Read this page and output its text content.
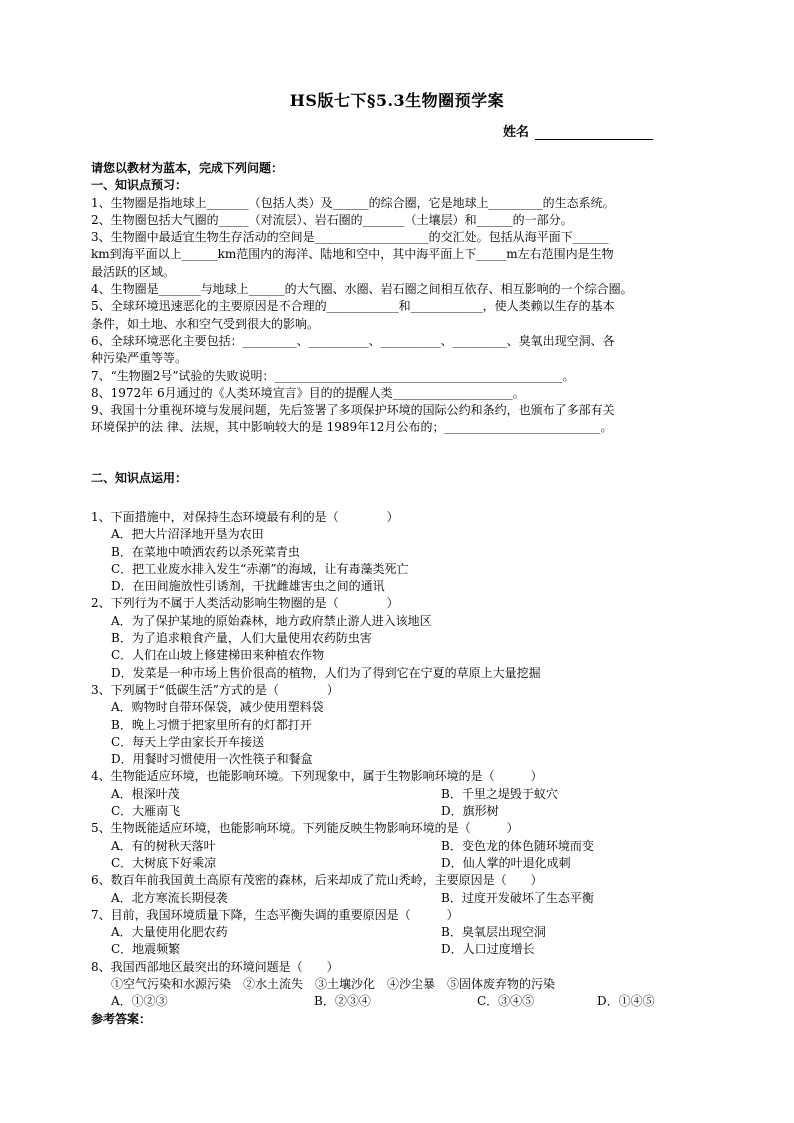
HS版七下§5.3生物圈预学案
姓名
请您以教材为蓝本，完成下列问题：
一、知识点预习：
1、生物圈是指地球上_______（包括人类）及______的综合圈，它是地球上_________的生态系统。
2、生物圈包括大气圈的_____（对流层）、岩石圈的_______（土壤层）和______的一部分。
3、生物圈中最适宜生物生存活动的空间是___________________的交汇处。包括从海平面下______
km到海平面以上______km范围内的海洋、陆地和空中，其中海平面上下_____m左右范围内是生物
最活跃的区域。
4、生物圈是_______与地球上______的大气圈、水圈、岩石圈之间相互依存、相互影响的一个综合圈。
5、全球环境迅速恶化的主要原因是不合理的____________和____________，使人类赖以生存的基本
条件，如土地、水和空气受到很大的影响。
6、全球环境恶化主要包括：_________、__________、__________、_________、臭氧出现空洞、各
种污染严重等等。
7、“生物圈2号”试验的失败说明：________________________________________________。
8、1972年 6月通过的《人类环境宣言》目的的提醒人类____________________。
9、我国十分重视环境与发展问题，先后签署了多项保护环境的国际公约和条约，也颁布了多部有关
环境保护的法 律、法规，其中影响较大的是 1989年12月公布的；__________________________。
二、知识点运用：
1、下面措施中，对保持生态环境最有利的是（　　　　）
A．把大片沼泽地开垦为农田
B．在菜地中喷洒农药以杀死菜青虫
C．把工业废水排入发生“赤潮”的海域，让有毒藻类死亡
D．在田间施放性引诱剂，干扰雌雄害虫之间的通讯
2、下列行为不属于人类活动影响生物圈的是（　　　　）
A．为了保护某地的原始森林，地方政府禁止游人进入该地区
B．为了追求粮食产量，人们大量使用农药防虫害
C．人们在山坡上修建梯田来种植农作物
D．发菜是一种市场上售价很高的植物，人们为了得到它在宁夏的草原上大量挖掘
3、下列属于“低碳生活”方式的是（　　　　）
A．购物时自带环保袋，减少使用塑料袋
B．晚上习惯于把家里所有的灯都打开
C．每天上学由家长开车接送
D．用餐时习惯使用一次性筷子和餐盒
4、生物能适应环境，也能影响环境。下列现象中，属于生物影响环境的是（　　　）
A．根深叶茂	B．千里之堤毁于蚁穴
C．大雁南飞	D．旗形树
5、生物既能适应环境，也能影响环境。下列能反映生物影响环境的是（　　　）
A．有的树秋天落叶	B．变色龙的体色随环境而变
C．大树底下好乘凉	D．仙人掌的叶退化成刺
6、数百年前我国黄土高原有茂密的森林，后来却成了荒山秃岭，主要原因是（　　）
A．北方寒流长期侵袭	B．过度开发破坏了生态平衡
7、目前，我国环境质量下降，生态平衡失调的重要原因是（　　　）
A．大量使用化肥农药	B．臭氧层出现空洞
C．地震频繁	D．人口过度增长
8、我国西部地区最突出的环境问题是（　　）
①空气污染和水源污染　②水土流失　③土壤沙化　④沙尘暴　⑤固体废弃物的污染
A．①②③	B．②③④	C．③④⑤	D．①④⑤
参考答案：
